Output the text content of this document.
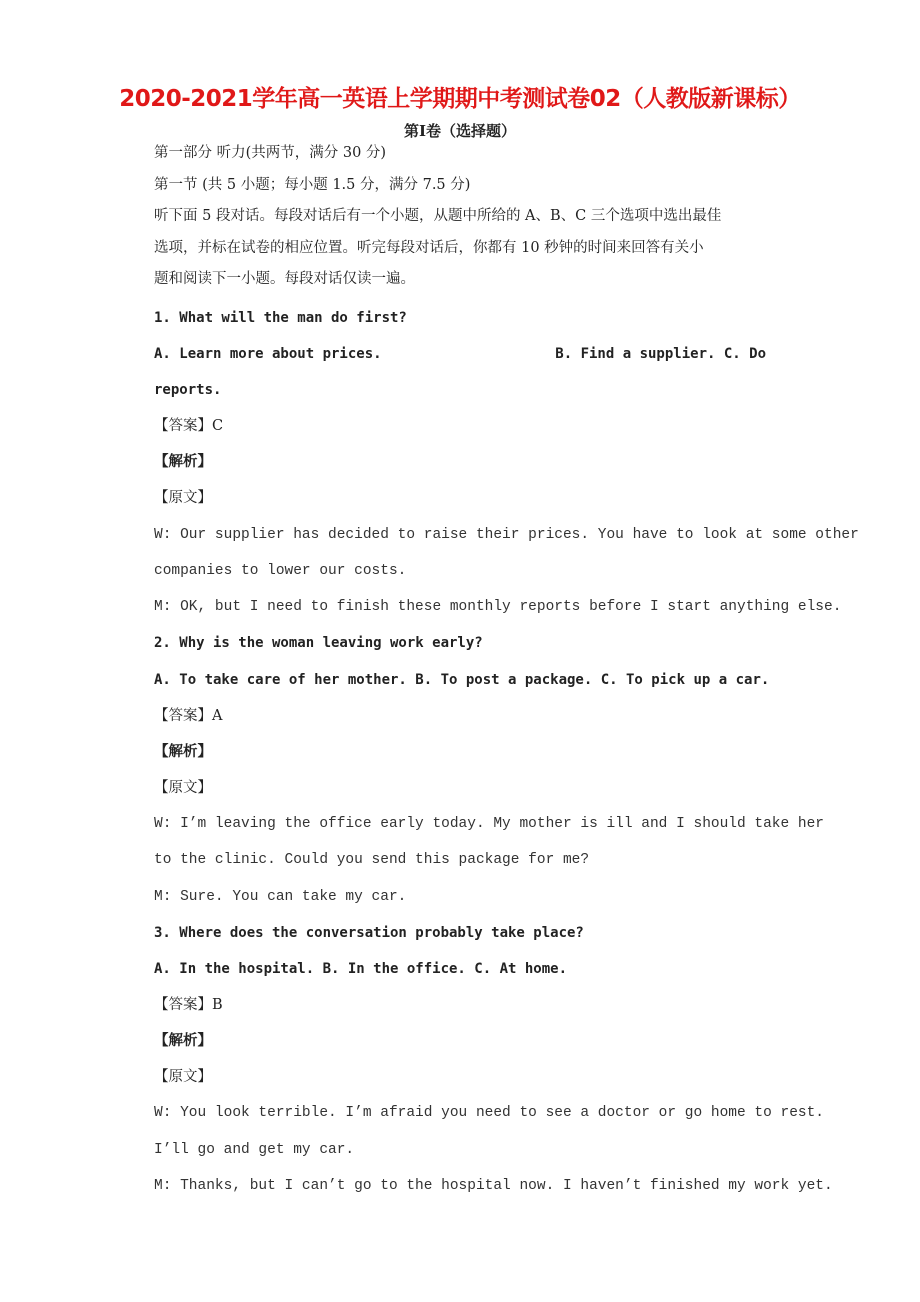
2020-2021学年高一英语上学期期中考测试卷02（人教版新课标）
第Ⅰ卷（选择题）
第一部分 听力(共两节，满分 30 分)
第一节 (共 5 小题；每小题 1.5 分，满分 7.5 分)
听下面 5 段对话。每段对话后有一个小题，从题中所给的 A、B、C 三个选项中选出最佳
选项，并标在试卷的相应位置。听完每段对话后，你都有 10 秒钟的时间来回答有关小
题和阅读下一小题。每段对话仅读一遍。
1. What will the man do first?
A. Learn more about prices.	B. Find a supplier. C. Do
reports.
【答案】C
【解析】
【原文】
W: Our supplier has decided to raise their prices. You have to look at some other
companies to lower our costs.
M: OK, but I need to finish these monthly reports before I start anything else.
2. Why is the woman leaving work early?
A. To take care of her mother. B. To post a package. C. To pick up a car.
【答案】A
【解析】
【原文】
W: I’m leaving the office early today. My mother is ill and I should take her
to the clinic. Could you send this package for me?
M: Sure. You can take my car.
3. Where does the conversation probably take place?
A. In the hospital. B. In the office. C. At home.
【答案】B
【解析】
【原文】
W: You look terrible. I’m afraid you need to see a doctor or go home to rest.
I’ll go and get my car.
M: Thanks, but I can’t go to the hospital now. I haven’t finished my work yet.
